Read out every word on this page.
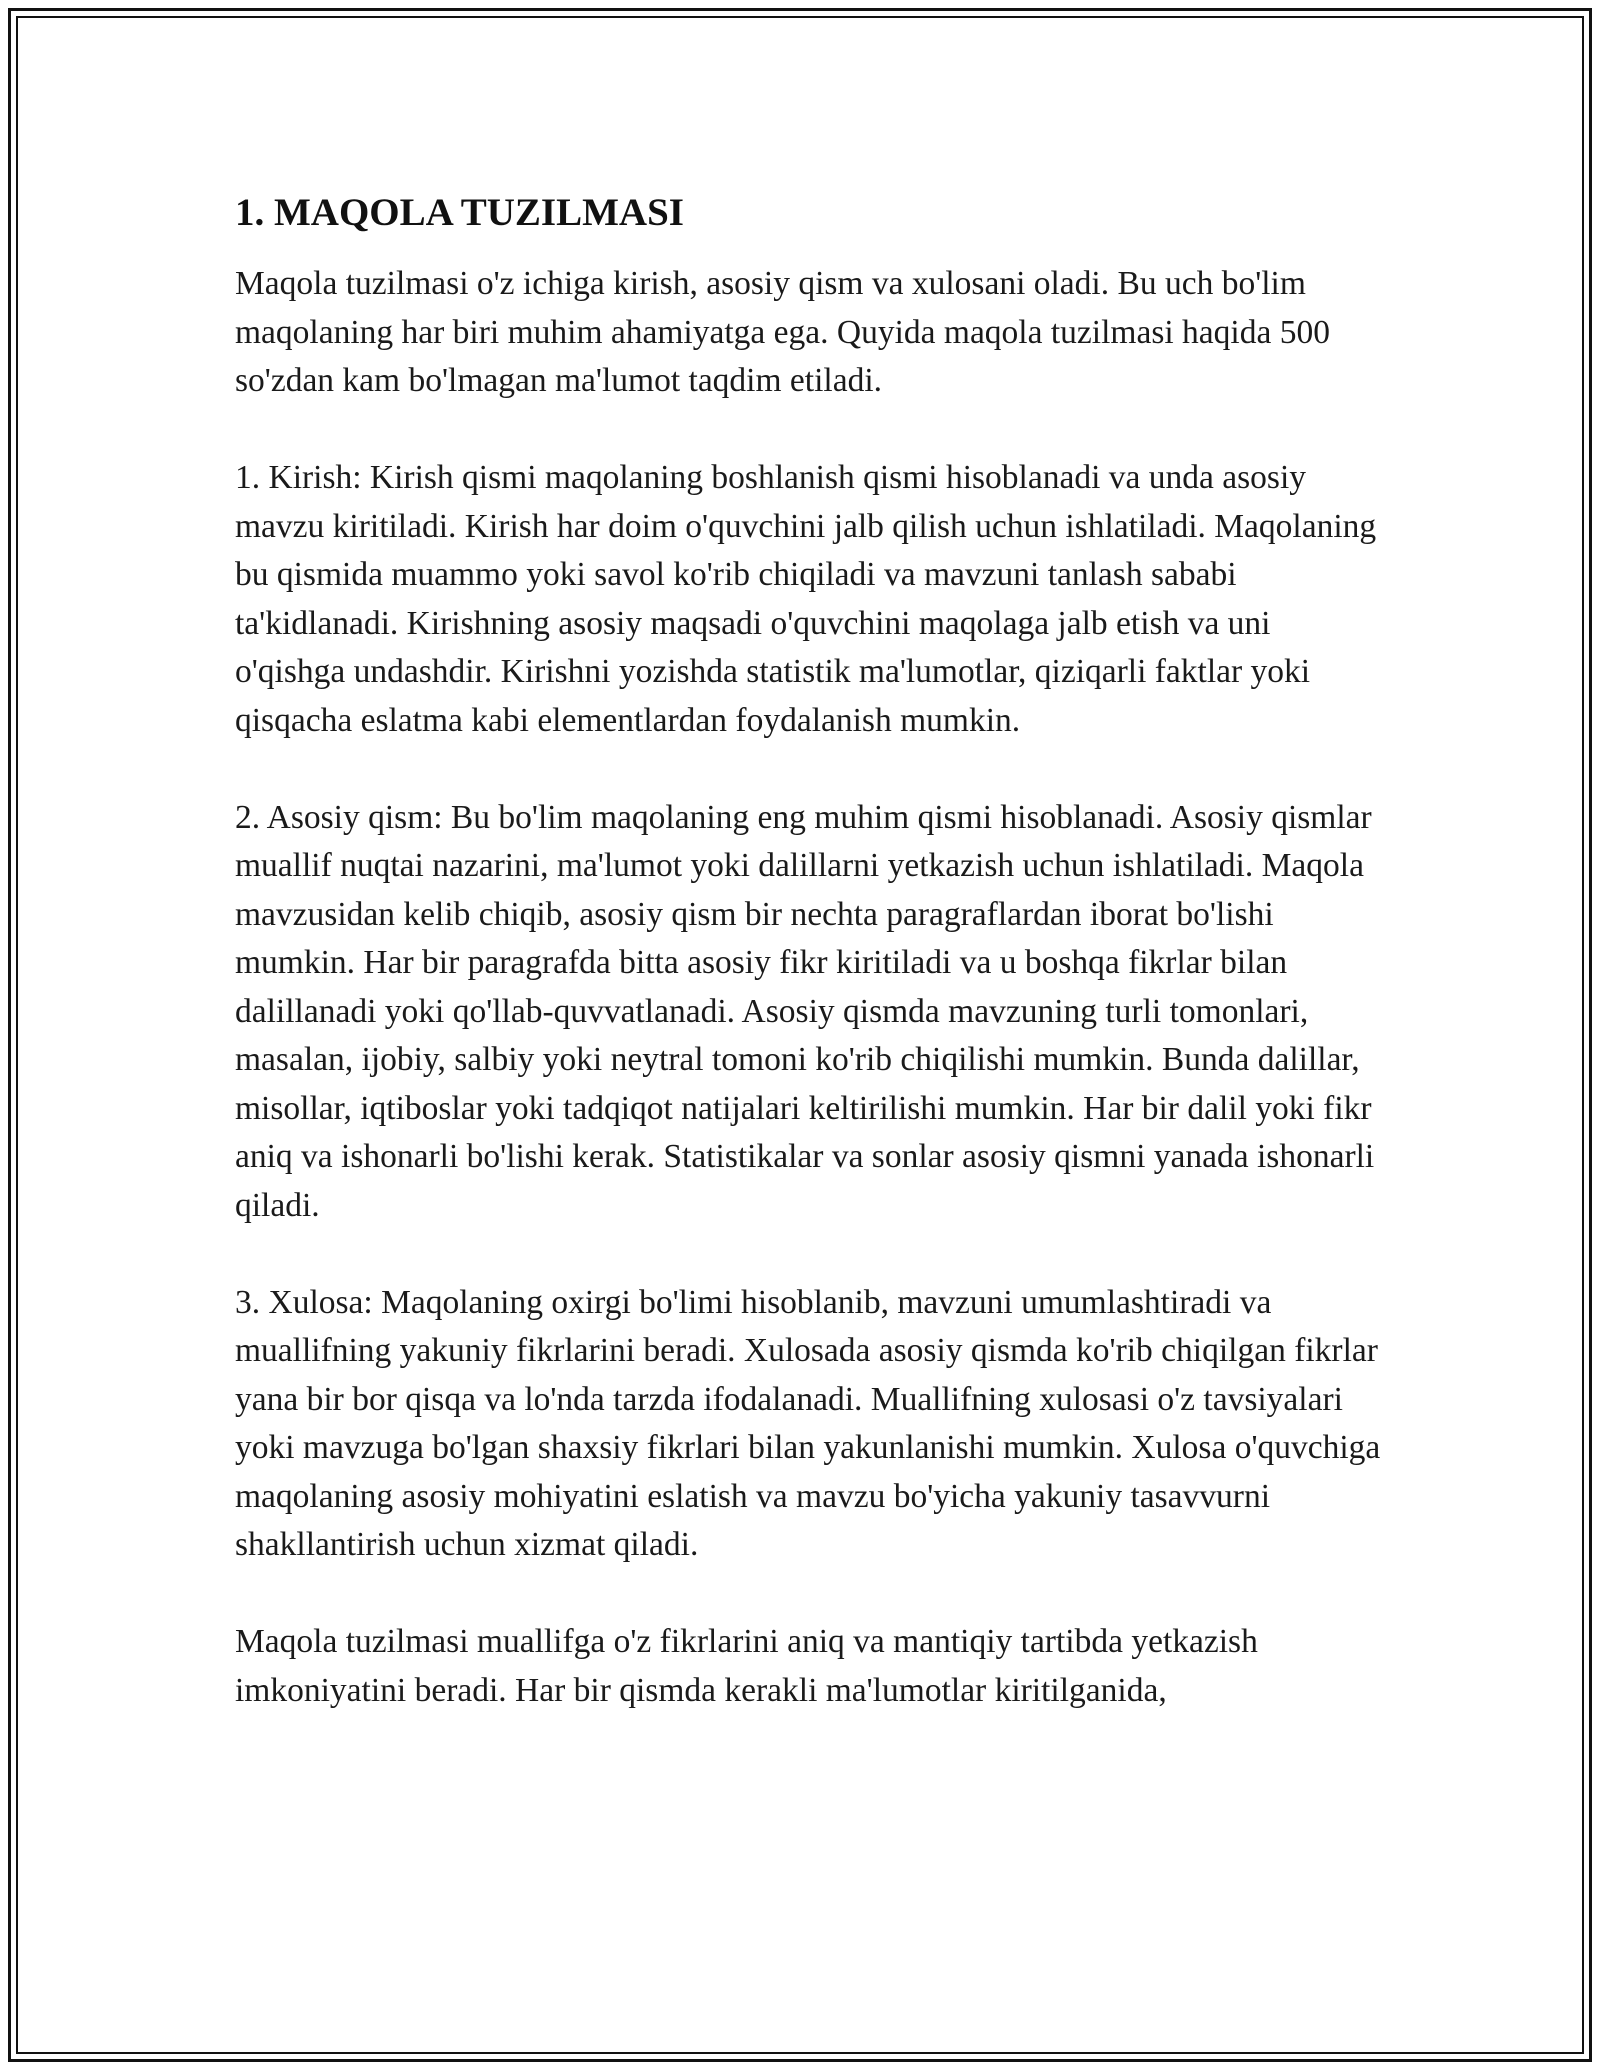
1. MAQOLA TUZILMASI

Maqola tuzilmasi o'z ichiga kirish, asosiy qism va xulosani oladi. Bu uch bo'lim maqolaning har biri muhim ahamiyatga ega. Quyida maqola tuzilmasi haqida 500 so'zdan kam bo'lmagan ma'lumot taqdim etiladi.

1. Kirish: Kirish qismi maqolaning boshlanish qismi hisoblanadi va unda asosiy mavzu kiritiladi. Kirish har doim o'quvchini jalb qilish uchun ishlatiladi. Maqolaning bu qismida muammo yoki savol ko'rib chiqiladi va mavzuni tanlash sababi ta'kidlanadi. Kirishning asosiy maqsadi o'quvchini maqolaga jalb etish va uni o'qishga undashdir. Kirishni yozishda statistik ma'lumotlar, qiziqarli faktlar yoki qisqacha eslatma kabi elementlardan foydalanish mumkin.

2. Asosiy qism: Bu bo'lim maqolaning eng muhim qismi hisoblanadi. Asosiy qismlar muallif nuqtai nazarini, ma'lumot yoki dalillarni yetkazish uchun ishlatiladi. Maqola mavzusidan kelib chiqib, asosiy qism bir nechta paragraflardan iborat bo'lishi mumkin. Har bir paragrafda bitta asosiy fikr kiritiladi va u boshqa fikrlar bilan dalillanadi yoki qo'llab-quvvatlanadi. Asosiy qismda mavzuning turli tomonlari, masalan, ijobiy, salbiy yoki neytral tomoni ko'rib chiqilishi mumkin. Bunda dalillar, misollar, iqtiboslar yoki tadqiqot natijalari keltirilishi mumkin. Har bir dalil yoki fikr aniq va ishonarli bo'lishi kerak. Statistikalar va sonlar asosiy qismni yanada ishonarli qiladi.

3. Xulosa: Maqolaning oxirgi bo'limi hisoblanib, mavzuni umumlashtiradi va muallifning yakuniy fikrlarini beradi. Xulosada asosiy qismda ko'rib chiqilgan fikrlar yana bir bor qisqa va lo'nda tarzda ifodalanadi. Muallifning xulosasi o'z tavsiyalari yoki mavzuga bo'lgan shaxsiy fikrlari bilan yakunlanishi mumkin. Xulosa o'quvchiga maqolaning asosiy mohiyatini eslatish va mavzu bo'yicha yakuniy tasavvurni shakllantirish uchun xizmat qiladi.

Maqola tuzilmasi muallifga o'z fikrlarini aniq va mantiqiy tartibda yetkazish imkoniyatini beradi. Har bir qismda kerakli ma'lumotlar kiritilganida,
